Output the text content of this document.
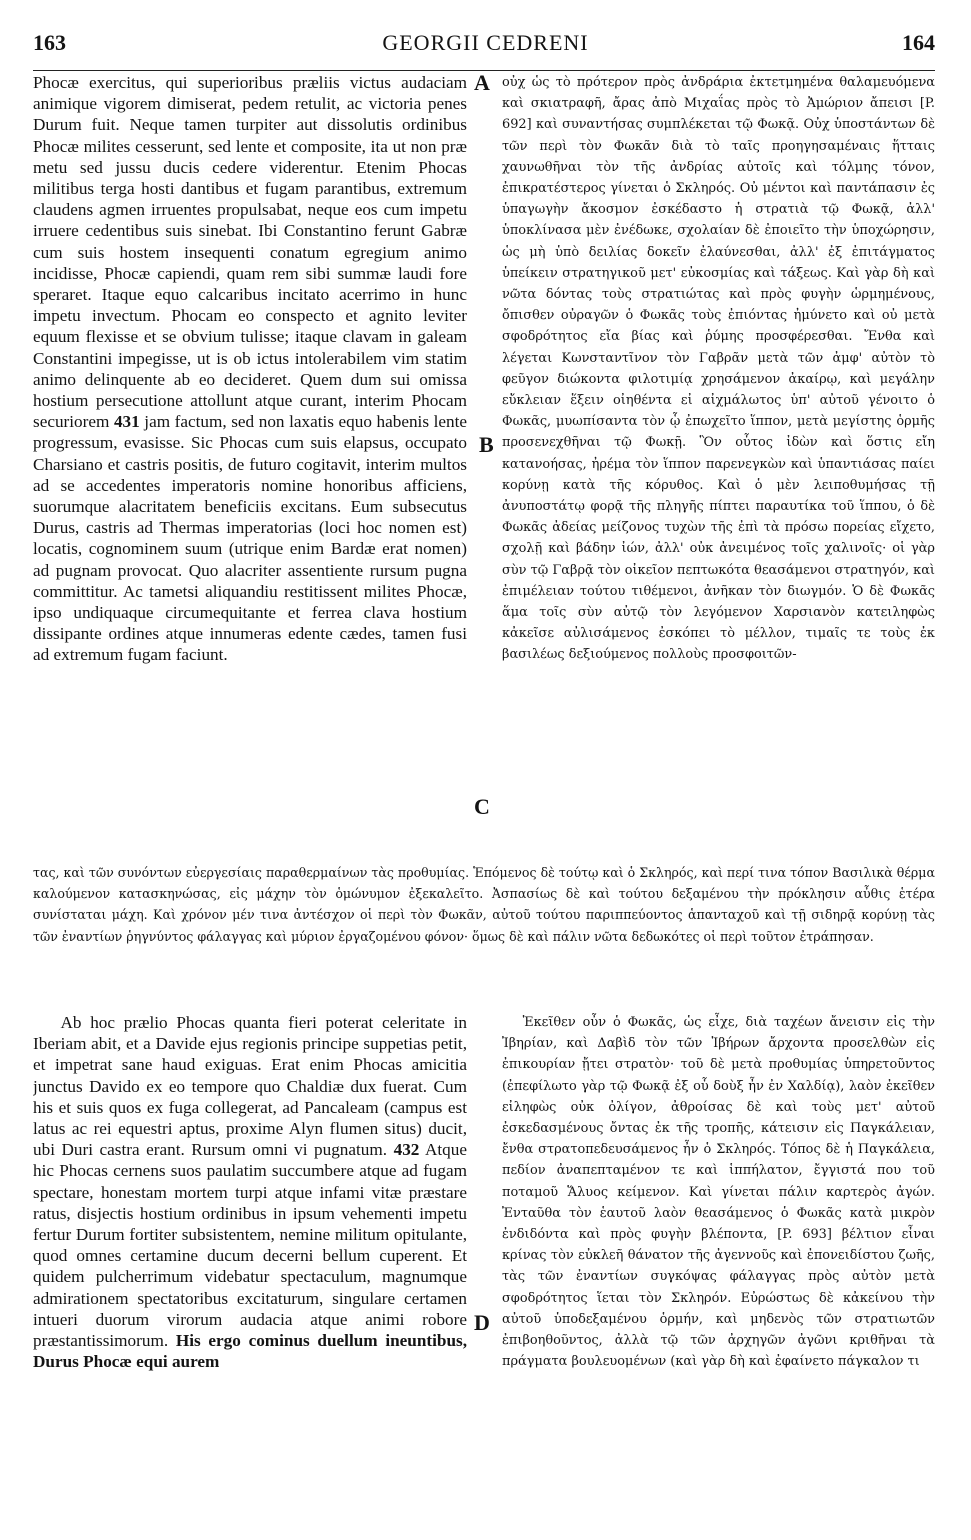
163	GEORGII CEDRENI	164
A
B
C
D

Phocæ exercitus, qui superioribus præliis victus audaciam animique vigorem dimiserat, pedem retulit, ac victoria penes Durum fuit. Neque tamen turpiter aut dissolutis ordinibus Phocæ milites cesserunt, sed lente et composite, ita ut non præ metu sed jussu ducis cedere viderentur. Etenim Phocas militibus terga hosti dantibus et fugam parantibus, extremum claudens agmen irruentes propulsabat, neque eos cum impetu irruere cedentibus suis sinebat. Ibi Constantino ferunt Gabræ cum suis hostem insequenti conatum egregium animo incidisse, Phocæ capiendi, quam rem sibi summæ laudi fore speraret. Itaque equo calcaribus incitato acerrimo in hunc impetu invectum. Phocam eo conspecto et agnito leviter equum flexisse et se obvium tulisse; itaque clavam in galeam Constantini impegisse, ut is ob ictus intolerabilem vim statim animo delinquente ab eo decideret. Quem dum sui omissa hostium persecutione attollunt atque curant, interim Phocam securiorem 431 jam factum, sed non laxatis equo habenis lente progressum, evasisse. Sic Phocas cum suis elapsus, occupato Charsiano et castris positis, de futuro cogitavit, interim multos ad se accedentes imperatoris nomine honoribus afficiens, suorumque alacritatem beneficiis excitans. Eum subsecutus Durus, castris ad Thermas imperatorias (loci hoc nomen est) locatis, cognominem suum (utrique enim Bardæ erat nomen) ad pugnam provocat. Quo alacriter assentiente rursum pugna committitur. Ac tametsi aliquandiu restitissent milites Phocæ, ipso undiquaque circumequitante et ferrea clava hostium dissipante ordines atque innumeras edente cædes, tamen fusi ad extremum fugam faciunt.

οὐχ ὡς τὸ πρότερον πρὸς ἀνδράρια ἐκτετμημένα θαλαμευόμενα καὶ σκιατραφῆ, ἄρας ἀπὸ Μιχαΐας πρὸς τὸ Ἀμώριον ἄπεισι [P. 692] καὶ συναντήσας συμπλέκεται τῷ Φωκᾷ. Οὐχ ὑποστάντων δὲ τῶν περὶ τὸν Φωκᾶν διὰ τὸ ταῖς προηγησαμέναις ἥτταις χαυνωθῆναι τὸν τῆς ἀνδρίας αὐτοῖς καὶ τόλμης τόνον, ἐπικρατέστερος γίνεται ὁ Σκληρός. Οὐ μέντοι καὶ παντάπασιν ἐς ὑπαγωγὴν ἄκοσμον ἐσκέδαστο ἡ στρατιὰ τῷ Φωκᾷ, ἀλλ' ὑποκλίνασα μὲν ἐνέδωκε, σχολαίαν δὲ ἐποιεῖτο τὴν ὑποχώρησιν, ὡς μὴ ὑπὸ δειλίας δοκεῖν ἐλαύνεσθαι, ἀλλ' ἐξ ἐπιτάγματος ὑπείκειν στρατηγικοῦ μετ' εὐκοσμίας καὶ τάξεως. Καὶ γὰρ δὴ καὶ νῶτα δόντας τοὺς στρατιώτας καὶ πρὸς φυγὴν ὡρμημένους, ὄπισθεν οὐραγῶν ὁ Φωκᾶς τοὺς ἐπιόντας ἠμύνετο καὶ οὐ μετὰ σφοδρότητος εἴα βίας καὶ ῥύμης προσφέρεσθαι. Ἔνθα καὶ λέγεται Κωνσταντῖνον τὸν Γαβρᾶν μετὰ τῶν ἀμφ' αὐτὸν τὸ φεῦγον διώκοντα φιλοτιμίᾳ χρησάμενον ἀκαίρῳ, καὶ μεγάλην εὔκλειαν ἕξειν οἰηθέντα εἰ αἰχμάλωτος ὑπ' αὐτοῦ γένοιτο ὁ Φωκᾶς, μυωπίσαντα τὸν ᾧ ἐπωχεῖτο ἵππον, μετὰ μεγίστης ὁρμῆς προσενεχθῆναι τῷ Φωκῇ. Ὃν οὗτος ἰδὼν καὶ ὅστις εἴη κατανοήσας, ἠρέμα τὸν ἵππον παρενεγκὼν καὶ ὑπαντιάσας παίει κορύνῃ κατὰ τῆς κόρυθος. Καὶ ὁ μὲν λειποθυμήσας τῇ ἀνυποστάτῳ φορᾷ τῆς πληγῆς πίπτει παραυτίκα τοῦ ἵππου, ὁ δὲ Φωκᾶς ἀδείας μείζονος τυχὼν τῆς ἐπὶ τὰ πρόσω πορείας εἴχετο, σχολῇ καὶ βάδην ἰών, ἀλλ' οὐκ ἀνειμένος τοῖς χαλινοῖς· οἱ γὰρ σὺν τῷ Γαβρᾷ τὸν οἰκεῖον πεπτωκότα θεασάμενοι στρατηγόν, καὶ ἐπιμέλειαν τούτου τιθέμενοι, ἀνῆκαν τὸν διωγμόν. Ὁ δὲ Φωκᾶς ἅμα τοῖς σὺν αὐτῷ τὸν λεγόμενον Χαρσιανὸν κατειληφὼς κἀκεῖσε αὐλισάμενος ἐσκόπει τὸ μέλλον, τιμαῖς τε τοὺς ἐκ βασιλέως δεξιούμενος πολλοὺς προσφοιτῶν-

τας, καὶ τῶν συνόντων εὐεργεσίαις παραθερμαίνων τὰς προθυμίας. Ἑπόμενος δὲ τούτῳ καὶ ὁ Σκληρός, καὶ περί τινα τόπον Βασιλικὰ θέρμα καλούμενον κατασκηνώσας, εἰς μάχην τὸν ὁμώνυμον ἐξεκαλεῖτο. Ἀσπασίως δὲ καὶ τούτου δεξαμένου τὴν πρόκλησιν αὖθις ἑτέρα συνίσταται μάχη. Καὶ χρόνον μέν τινα ἀντέσχον οἱ περὶ τὸν Φωκᾶν, αὐτοῦ τούτου παριππεύοντος ἁπανταχοῦ καὶ τῇ σιδηρᾷ κορύνῃ τὰς τῶν ἐναντίων ῥηγνύντος φάλαγγας καὶ μύριον ἐργαζομένου φόνον· ὅμως δὲ καὶ πάλιν νῶτα δεδωκότες οἱ περὶ τοῦτον ἐτράπησαν.

Ab hoc prælio Phocas quanta fieri poterat celeritate in Iberiam abit, et a Davide ejus regionis principe suppetias petit, et impetrat sane haud exiguas. Erat enim Phocas amicitia junctus Davido ex eo tempore quo Chaldiæ dux fuerat. Cum his et suis quos ex fuga collegerat, ad Pancaleam (campus est latus ac rei equestri aptus, proxime Alyn flumen situs) ducit, ubi Duri castra erant. Rursum omni vi pugnatum. 432 Atque hic Phocas cernens suos paulatim succumbere atque ad fugam spectare, honestam mortem turpi atque infami vitæ præstare ratus, disjectis hostium ordinibus in ipsum vehementi impetu fertur Durum fortiter subsistentem, nemine militum opitulante, quod omnes certamine ducum decerni bellum cuperent. Et quidem pulcherrimum videbatur spectaculum, magnumque admirationem spectatoribus excitaturum, singulare certamen intueri duorum virorum audacia atque animi robore præstantissimorum. His ergo cominus duellum ineuntibus, Durus Phocæ equi aurem

Ἐκεῖθεν οὖν ὁ Φωκᾶς, ὡς εἶχε, διὰ ταχέων ἄνεισιν εἰς τὴν Ἰβηρίαν, καὶ Δαβὶδ τὸν τῶν Ἰβήρων ἄρχοντα προσελθὼν εἰς ἐπικουρίαν ᾔτει στρατὸν· τοῦ δὲ μετὰ προθυμίας ὑπηρετοῦντος (ἐπεφίλωτο γὰρ τῷ Φωκᾷ ἐξ οὗ δοὺξ ἦν ἐν Χαλδίᾳ), λαὸν ἐκεῖθεν εἰληφὼς οὐκ ὀλίγον, ἀθροίσας δὲ καὶ τοὺς μετ' αὐτοῦ ἐσκεδασμένους ὄντας ἐκ τῆς τροπῆς, κάτεισιν εἰς Παγκάλειαν, ἔνθα στρατοπεδευσάμενος ἦν ὁ Σκληρός. Τόπος δὲ ἡ Παγκάλεια, πεδίον ἀναπεπταμένον τε καὶ ἱππήλατον, ἔγγιστά που τοῦ ποταμοῦ Ἅλυος κείμενον. Καὶ γίνεται πάλιν καρτερὸς ἀγών. Ἐνταῦθα τὸν ἑαυτοῦ λαὸν θεασάμενος ὁ Φωκᾶς κατὰ μικρὸν ἐνδιδόντα καὶ πρὸς φυγὴν βλέποντα, [P. 693] βέλτιον εἶναι κρίνας τὸν εὐκλεῆ θάνατον τῆς ἀγεννοῦς καὶ ἐπονειδίστου ζωῆς, τὰς τῶν ἐναντίων συγκόψας φάλαγγας πρὸς αὐτὸν μετὰ σφοδρότητος ἵεται τὸν Σκληρόν. Εὐρώστως δὲ κἀκείνου τὴν αὐτοῦ ὑποδεξαμένου ὁρμήν, καὶ μηδενὸς τῶν στρατιωτῶν ἐπιβοηθοῦντος, ἀλλὰ τῷ τῶν ἀρχηγῶν ἀγῶνι κριθῆναι τὰ πράγματα βουλευομένων (καὶ γὰρ δὴ καὶ ἐφαίνετο πάγκαλον τι
